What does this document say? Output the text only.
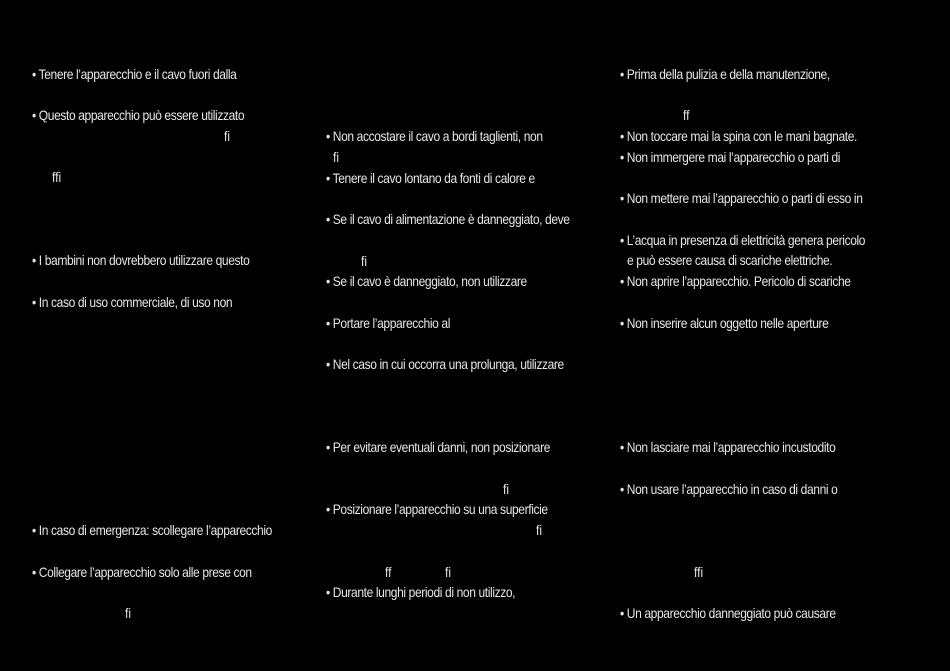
• Tenere l’apparecchio e il cavo fuori dalla
• Questo apparecchio può essere utilizzato
fi
ffi
• I bambini non dovrebbero utilizzare questo
• In caso di uso commerciale, di uso non
• In caso di emergenza: scollegare l’apparecchio
• Collegare l’apparecchio solo alle prese con
fi
• Non accostare il cavo a bordi taglienti, non
fi
• Tenere il cavo lontano da fonti di calore e
• Se il cavo di alimentazione è danneggiato, deve
fi
• Se il cavo è danneggiato, non utilizzare
• Portare l’apparecchio al
• Nel caso in cui occorra una prolunga, utilizzare
• Per evitare eventuali danni, non posizionare
fi
• Posizionare l’apparecchio su una superficie
fi
ff	fi
• Durante lunghi periodi di non utilizzo,
• Prima della pulizia e della manutenzione,
ff
• Non toccare mai la spina con le mani bagnate.
• Non immergere mai l’apparecchio o parti di
• Non mettere mai l’apparecchio o parti di esso in
• L’acqua in presenza di elettricità genera pericolo
e può essere causa di scariche elettriche.
• Non aprire l’apparecchio. Pericolo di scariche
• Non inserire alcun oggetto nelle aperture
• Non lasciare mai l’apparecchio incustodito
• Non usare l’apparecchio in caso di danni o
ffi
• Un apparecchio danneggiato può causare
